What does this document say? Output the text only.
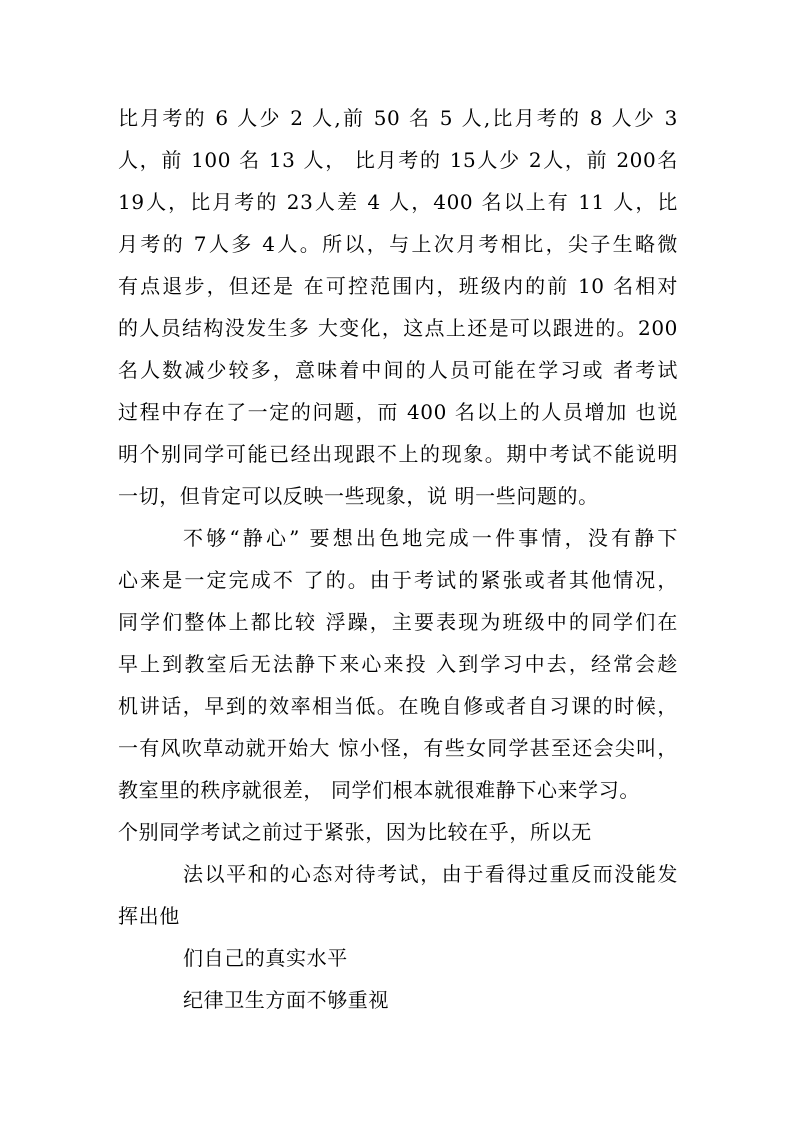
比月考的 6 人少 2 人,前 50 名 5 人,比月考的 8 人少 3
人，前 100 名 13 人， 比月考的 15人少 2人，前 200名
19人，比月考的 23人差 4 人，400 名以上有 11 人，比
月考的 7人多 4人。所以，与上次月考相比，尖子生略微
有点退步，但还是 在可控范围内，班级内的前 10 名相对
的人员结构没发生多 大变化，这点上还是可以跟进的。200
名人数减少较多，意味着中间的人员可能在学习或 者考试
过程中存在了一定的问题，而 400 名以上的人员增加 也说
明个别同学可能已经出现跟不上的现象。期中考试不能说明
一切，但肯定可以反映一些现象，说 明一些问题的。
不够“静心” 要想出色地完成一件事情，没有静下
心来是一定完成不 了的。由于考试的紧张或者其他情况，
同学们整体上都比较 浮躁，主要表现为班级中的同学们在
早上到教室后无法静下来心来投 入到学习中去，经常会趁
机讲话，早到的效率相当低。在晚自修或者自习课的时候，
一有风吹草动就开始大 惊小怪，有些女同学甚至还会尖叫，
教室里的秩序就很差， 同学们根本就很难静下心来学习。
个别同学考试之前过于紧张，因为比较在乎，所以无
法以平和的心态对待考试，由于看得过重反而没能发
挥出他
们自己的真实水平
纪律卫生方面不够重视
